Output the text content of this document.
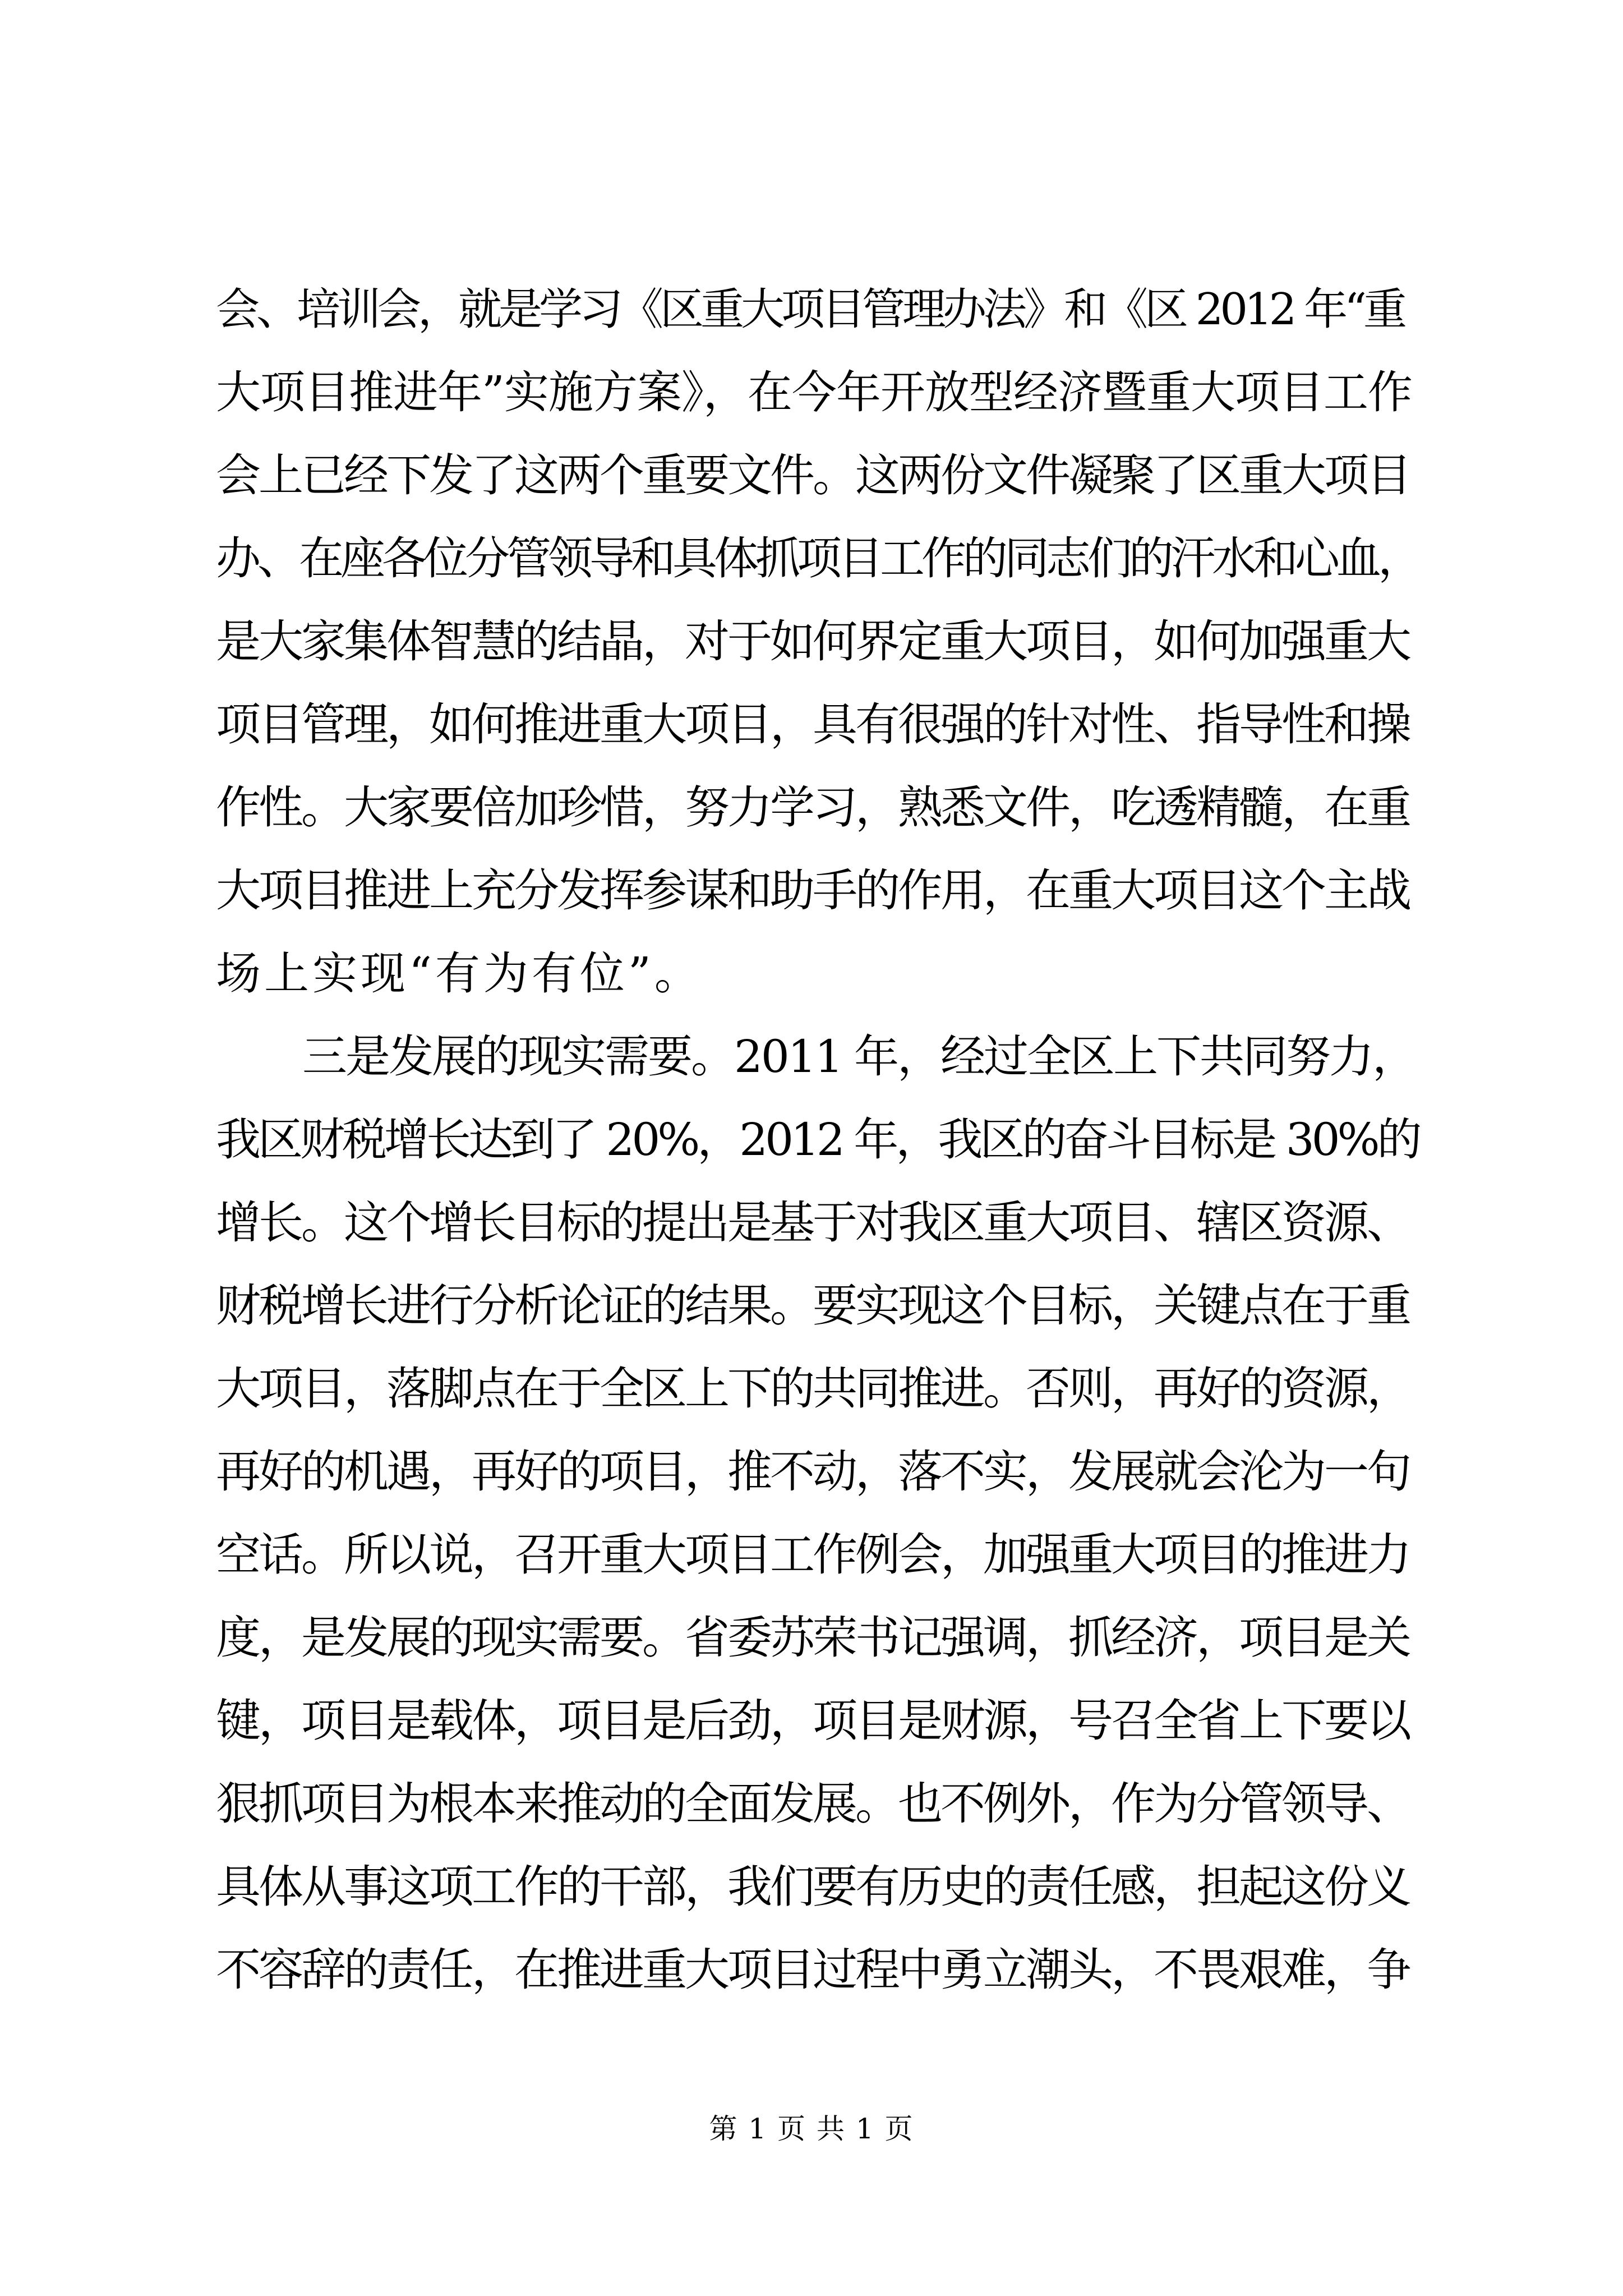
会、培训会，就是学习《区重大项目管理办法》和《区 2012 年“重
大项目推进年”实施方案》，在今年开放型经济暨重大项目工作
会上已经下发了这两个重要文件。这两份文件凝聚了区重大项目
办、在座各位分管领导和具体抓项目工作的同志们的汗水和心血，
是大家集体智慧的结晶，对于如何界定重大项目，如何加强重大
项目管理，如何推进重大项目，具有很强的针对性、指导性和操
作性。大家要倍加珍惜，努力学习，熟悉文件，吃透精髓，在重
大项目推进上充分发挥参谋和助手的作用，在重大项目这个主战
场上实现“有为有位”。
　　三是发展的现实需要。2011 年，经过全区上下共同努力，
我区财税增长达到了 20%，2012 年，我区的奋斗目标是 30%的
增长。这个增长目标的提出是基于对我区重大项目、辖区资源、
财税增长进行分析论证的结果。要实现这个目标，关键点在于重
大项目，落脚点在于全区上下的共同推进。否则，再好的资源，
再好的机遇，再好的项目，推不动，落不实，发展就会沦为一句
空话。所以说，召开重大项目工作例会，加强重大项目的推进力
度，是发展的现实需要。省委苏荣书记强调，抓经济，项目是关
键，项目是载体，项目是后劲，项目是财源，号召全省上下要以
狠抓项目为根本来推动的全面发展。也不例外，作为分管领导、
具体从事这项工作的干部，我们要有历史的责任感，担起这份义
不容辞的责任，在推进重大项目过程中勇立潮头，不畏艰难，争
第 1 页 共 1 页
